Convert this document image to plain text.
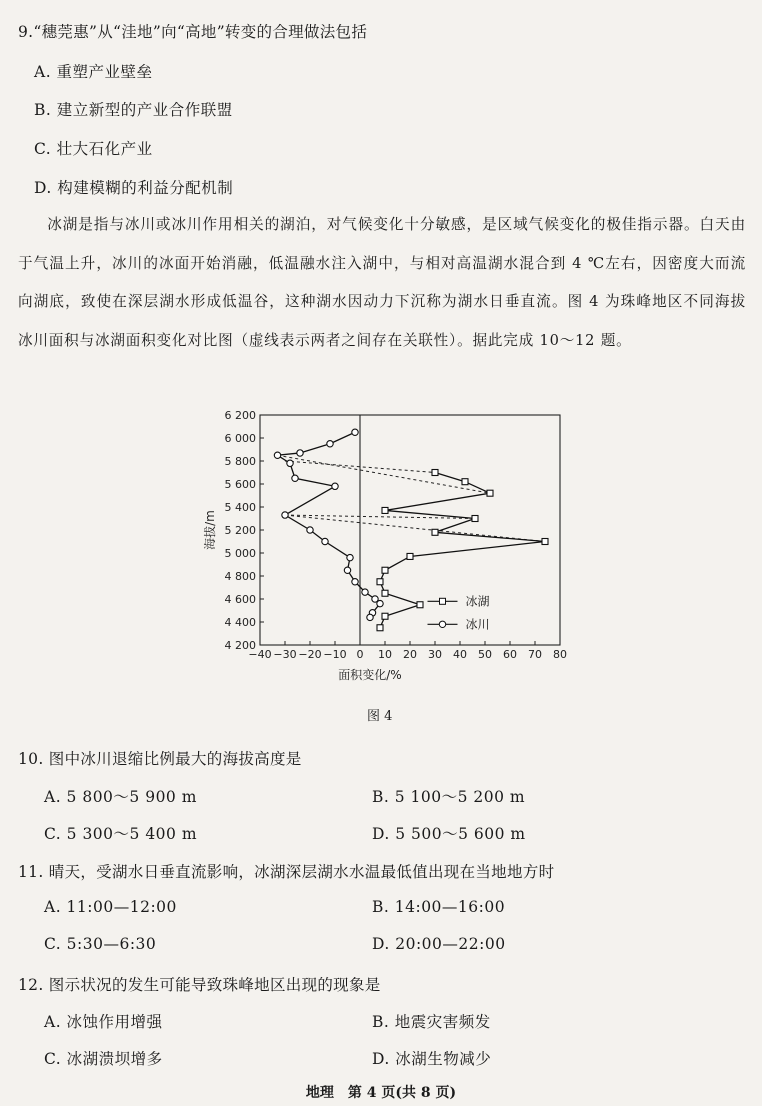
9.“穗莞惠”从“洼地”向“高地”转变的合理做法包括
A. 重塑产业壁垒
B. 建立新型的产业合作联盟
C. 壮大石化产业
D. 构建模糊的利益分配机制
冰湖是指与冰川或冰川作用相关的湖泊，对气候变化十分敏感，是区域气候变化的极佳指示器。白天由于气温上升，冰川的冰面开始消融，低温融水注入湖中，与相对高温湖水混合到 4 ℃左右，因密度大而流向湖底，致使在深层湖水形成低温谷，这种湖水因动力下沉称为湖水日垂直流。图 4 为珠峰地区不同海拔冰川面积与冰湖面积变化对比图（虚线表示两者之间存在关联性）。据此完成 10～12 题。
4 200
4 400
4 600
4 800
5 000
5 200
5 400
5 600
5 800
6 000
6 200
−40 −30 −20 −10 0 10 20 30 40 50 60 70 80
面积变化/%
海拔/m
冰湖
冰川
图 4
10. 图中冰川退缩比例最大的海拔高度是
A. 5 800～5 900 m	B. 5 100～5 200 m
C. 5 300～5 400 m	D. 5 500～5 600 m
11. 晴天，受湖水日垂直流影响，冰湖深层湖水水温最低值出现在当地地方时
A. 11:00—12:00	B. 14:00—16:00
C. 5:30—6:30	D. 20:00—22:00
12. 图示状况的发生可能导致珠峰地区出现的现象是
A. 冰蚀作用增强	B. 地震灾害频发
C. 冰湖溃坝增多	D. 冰湖生物减少
地理　第 4 页(共 8 页)
